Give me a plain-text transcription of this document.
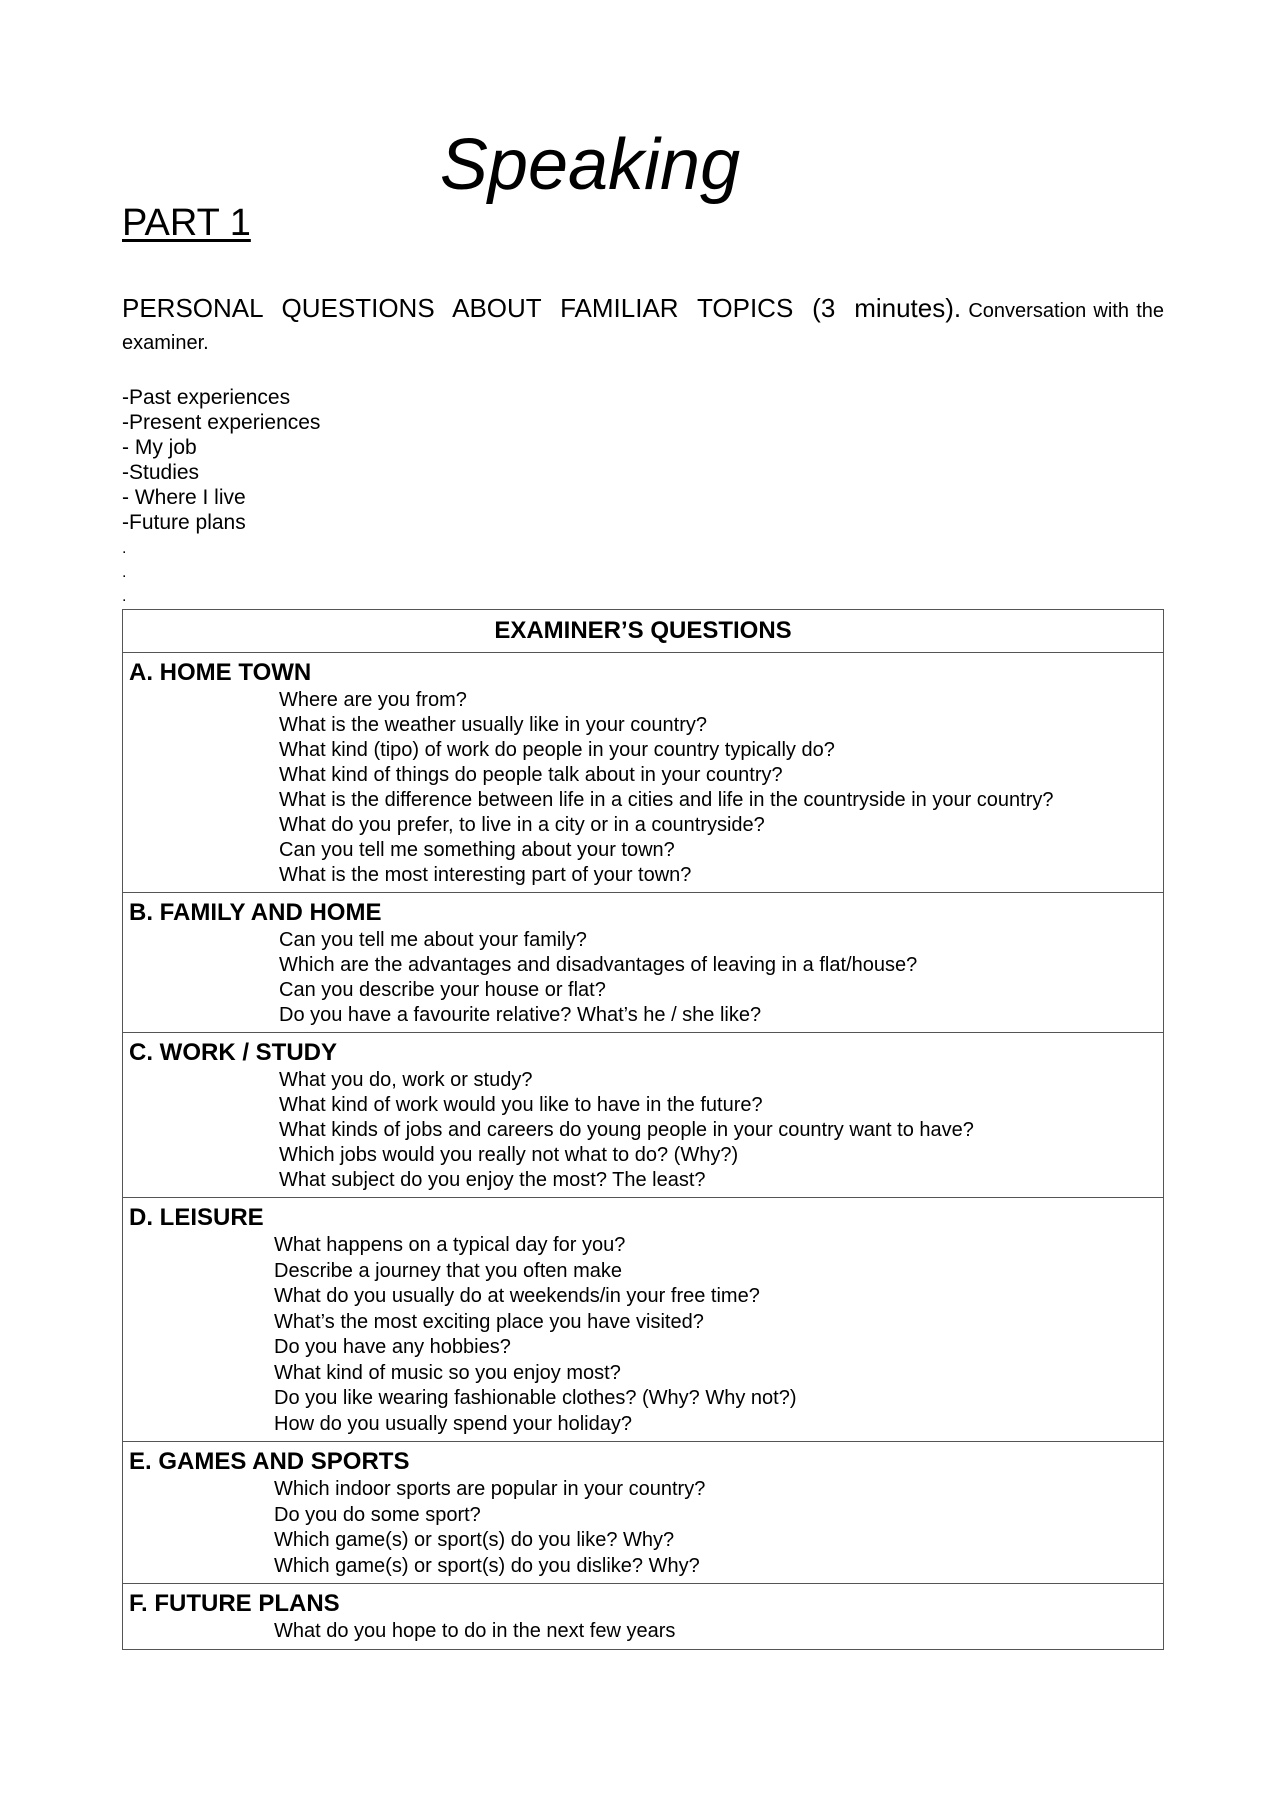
Speaking
PART 1

PERSONAL QUESTIONS ABOUT FAMILIAR TOPICS (3 minutes). Conversation with the examiner.

-Past experiences
-Present experiences
- My job
-Studies
- Where I live
-Future plans
.
.
.
EXAMINER’S QUESTIONS

A. HOME TOWN
Where are you from?
What is the weather usually like in your country?
What kind (tipo) of work do people in your country typically do?
What kind of things do people talk about in your country?
What is the difference between life in a cities and life in the countryside in your country?
What do you prefer, to live in a city or in a countryside?
Can you tell me something about your town?
What is the most interesting part of your town?

B. FAMILY AND HOME
Can you tell me about your family?
Which are the advantages and disadvantages of leaving in a flat/house?
Can you describe your house or flat?
Do you have a favourite relative? What’s he / she like?

C. WORK / STUDY
What you do, work or study?
What kind of work would you like to have in the future?
What kinds of jobs and careers do young people in your country want to have?
Which jobs would you really not what to do? (Why?)
What subject do you enjoy the most? The least?

D. LEISURE
What happens on a typical day for you?
Describe a journey that you often make
What do you usually do at weekends/in your free time?
What’s the most exciting place you have visited?
Do you have any hobbies?
What kind of music so you enjoy most?
Do you like wearing fashionable clothes? (Why? Why not?)
How do you usually spend your holiday?

E. GAMES AND SPORTS
Which indoor sports are popular in your country?
Do you do some sport?
Which game(s) or sport(s) do you like? Why?
Which game(s) or sport(s) do you dislike? Why?

F. FUTURE PLANS
What do you hope to do in the next few years
